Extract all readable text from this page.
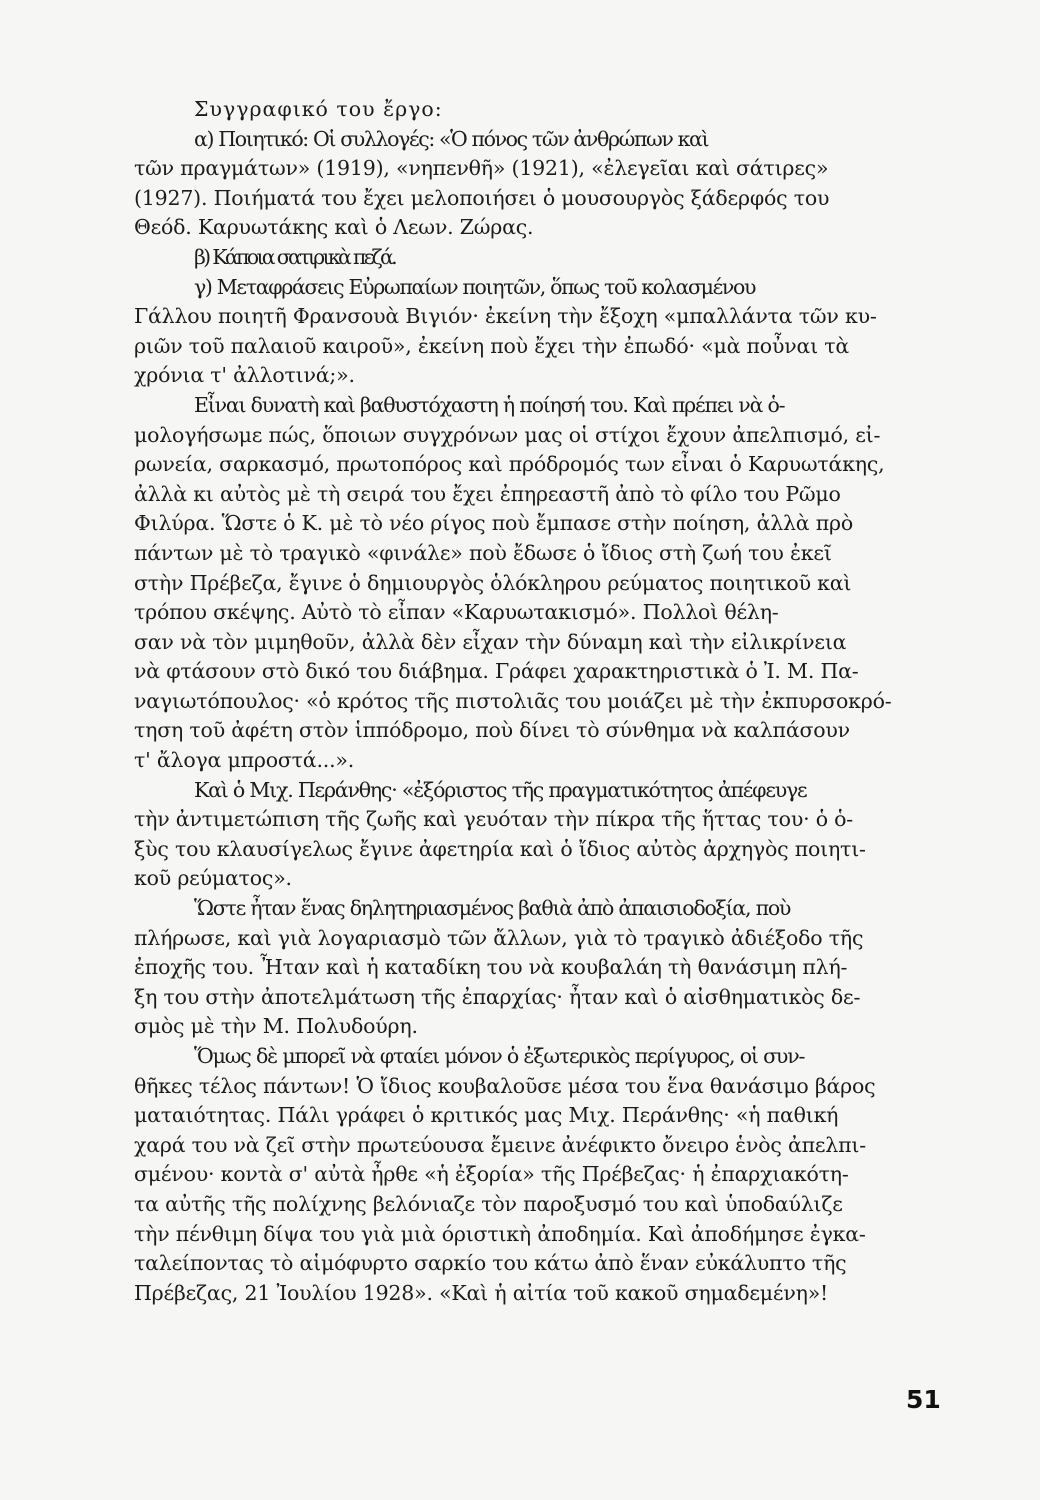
Συγγραφικό του ἔργο:
α) Ποιητικό: Οἱ συλλογές: «Ὁ πόνος τῶν ἀνθρώπων καὶ
τῶν πραγμάτων» (1919), «νηπενθῆ» (1921), «ἐλεγεῖαι καὶ σάτιρες»
(1927). Ποιήματά του ἔχει μελοποιήσει ὁ μουσουργὸς ξάδερφός του
Θεόδ. Καρυωτάκης καὶ ὁ Λεων. Ζώρας.
β) Κάποια σατιρικὰ πεζά.
γ) Μεταφράσεις Εὐρωπαίων ποιητῶν, ὅπως τοῦ κολασμένου
Γάλλου ποιητῆ Φρανσουὰ Βιγιόν· ἐκείνη τὴν ἔξοχη «μπαλλάντα τῶν κυ-
ριῶν τοῦ παλαιοῦ καιροῦ», ἐκείνη ποὺ ἔχει τὴν ἐπωδό· «μὰ ποὖναι τὰ
χρόνια τ' ἀλλοτινά;».
Εἶναι δυνατὴ καὶ βαθυστόχαστη ἡ ποίησή του. Καὶ πρέπει νὰ ὁ-
μολογήσωμε πώς, ὅποιων συγχρόνων μας οἱ στίχοι ἔχουν ἀπελπισμό, εἰ-
ρωνεία, σαρκασμό, πρωτοπόρος καὶ πρόδρομός των εἶναι ὁ Καρυωτάκης,
ἀλλὰ κι αὐτὸς μὲ τὴ σειρά του ἔχει ἐπηρεαστῆ ἀπὸ τὸ φίλο του Ρῶμο
Φιλύρα. Ὥστε ὁ Κ. μὲ τὸ νέο ρίγος ποὺ ἔμπασε στὴν ποίηση, ἀλλὰ πρὸ
πάντων μὲ τὸ τραγικὸ «φινάλε» ποὺ ἔδωσε ὁ ἴδιος στὴ ζωή του ἐκεῖ
στὴν Πρέβεζα, ἔγινε ὁ δημιουργὸς ὁλόκληρου ρεύματος ποιητικοῦ καὶ
τρόπου σκέψης. Αὐτὸ τὸ εἶπαν «Καρυωτακισμό». Πολλοὶ θέλη-
σαν νὰ τὸν μιμηθοῦν, ἀλλὰ δὲν εἶχαν τὴν δύναμη καὶ τὴν εἰλικρίνεια
νὰ φτάσουν στὸ δικό του διάβημα. Γράφει χαρακτηριστικὰ ὁ Ἰ. Μ. Πα-
ναγιωτόπουλος· «ὁ κρότος τῆς πιστολιᾶς του μοιάζει μὲ τὴν ἐκπυρσοκρό-
τηση τοῦ ἀφέτη στὸν ἱππόδρομο, ποὺ δίνει τὸ σύνθημα νὰ καλπάσουν
τ' ἄλογα μπροστά...».
Καὶ ὁ Μιχ. Περάνθης· «ἐξόριστος τῆς πραγματικότητος ἀπέφευγε
τὴν ἀντιμετώπιση τῆς ζωῆς καὶ γευόταν τὴν πίκρα τῆς ἥττας του· ὁ ὁ-
ξὺς του κλαυσίγελως ἔγινε ἀφετηρία καὶ ὁ ἴδιος αὐτὸς ἀρχηγὸς ποιητι-
κοῦ ρεύματος».
Ὥστε ἦταν ἕνας δηλητηριασμένος βαθιὰ ἀπὸ ἀπαισιοδοξία, ποὺ
πλήρωσε, καὶ γιὰ λογαριασμὸ τῶν ἄλλων, γιὰ τὸ τραγικὸ ἀδιέξοδο τῆς
ἐποχῆς του. Ἦταν καὶ ἡ καταδίκη του νὰ κουβαλάη τὴ θανάσιμη πλή-
ξη του στὴν ἀποτελμάτωση τῆς ἐπαρχίας· ἦταν καὶ ὁ αἰσθηματικὸς δε-
σμὸς μὲ τὴν Μ. Πολυδούρη.
Ὅμως δὲ μπορεῖ νὰ φταίει μόνον ὁ ἐξωτερικὸς περίγυρος, οἱ συν-
θῆκες τέλος πάντων! Ὁ ἴδιος κουβαλοῦσε μέσα του ἕνα θανάσιμο βάρος
ματαιότητας. Πάλι γράφει ὁ κριτικός μας Μιχ. Περάνθης· «ἡ παθική
χαρά του νὰ ζεῖ στὴν πρωτεύουσα ἔμεινε ἀνέφικτο ὄνειρο ἑνὸς ἀπελπι-
σμένου· κοντὰ σ' αὐτὰ ἦρθε «ἡ ἐξορία» τῆς Πρέβεζας· ἡ ἐπαρχιακότη-
τα αὐτῆς τῆς πολίχνης βελόνιαζε τὸν παροξυσμό του καὶ ὑποδαύλιζε
τὴν πένθιμη δίψα του γιὰ μιὰ όριστικὴ ἀποδημία. Καὶ ἀποδήμησε ἐγκα-
ταλείποντας τὸ αἱμόφυρτο σαρκίο του κάτω ἀπὸ ἕναν εὐκάλυπτο τῆς
Πρέβεζας, 21 Ἰουλίου 1928». «Καὶ ἡ αἰτία τοῦ κακοῦ σημαδεμένη»!
51
